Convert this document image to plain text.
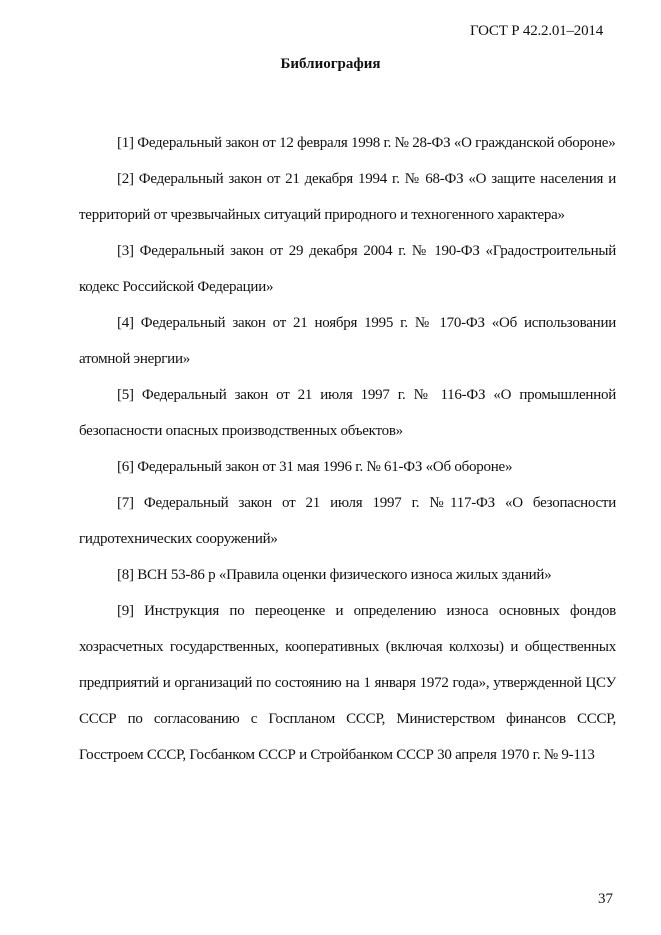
ГОСТ Р 42.2.01–2014
Библиография

[1] Федеральный закон от 12 февраля 1998 г. № 28-ФЗ «О гражданской обороне»

[2] Федеральный закон от 21 декабря 1994 г. № 68-ФЗ «О защите населения и территорий от чрезвычайных ситуаций природного и техногенного характера»

[3] Федеральный закон от 29 декабря 2004 г. № 190-ФЗ «Градостроительный кодекс Российской Федерации»

[4] Федеральный закон от 21 ноября 1995 г. № 170-ФЗ «Об использовании атомной энергии»

[5] Федеральный закон от 21 июля 1997 г. № 116-ФЗ «О промышленной безопасности опасных производственных объектов»

[6] Федеральный закон от 31 мая 1996 г. № 61-ФЗ «Об обороне»

[7] Федеральный закон от 21 июля 1997 г. №117-ФЗ «О безопасности гидротехнических сооружений»

[8] ВСН 53-86 р «Правила оценки физического износа жилых зданий»

[9] Инструкция по переоценке и определению износа основных фондов хозрасчетных государственных, кооперативных (включая колхозы) и общественных предприятий и организаций по состоянию на 1 января 1972 года», утвержденной ЦСУ СССР по согласованию с Госпланом СССР, Министерством финансов СССР, Госстроем СССР, Госбанком СССР и Стройбанком СССР 30 апреля 1970 г. № 9-113

37
